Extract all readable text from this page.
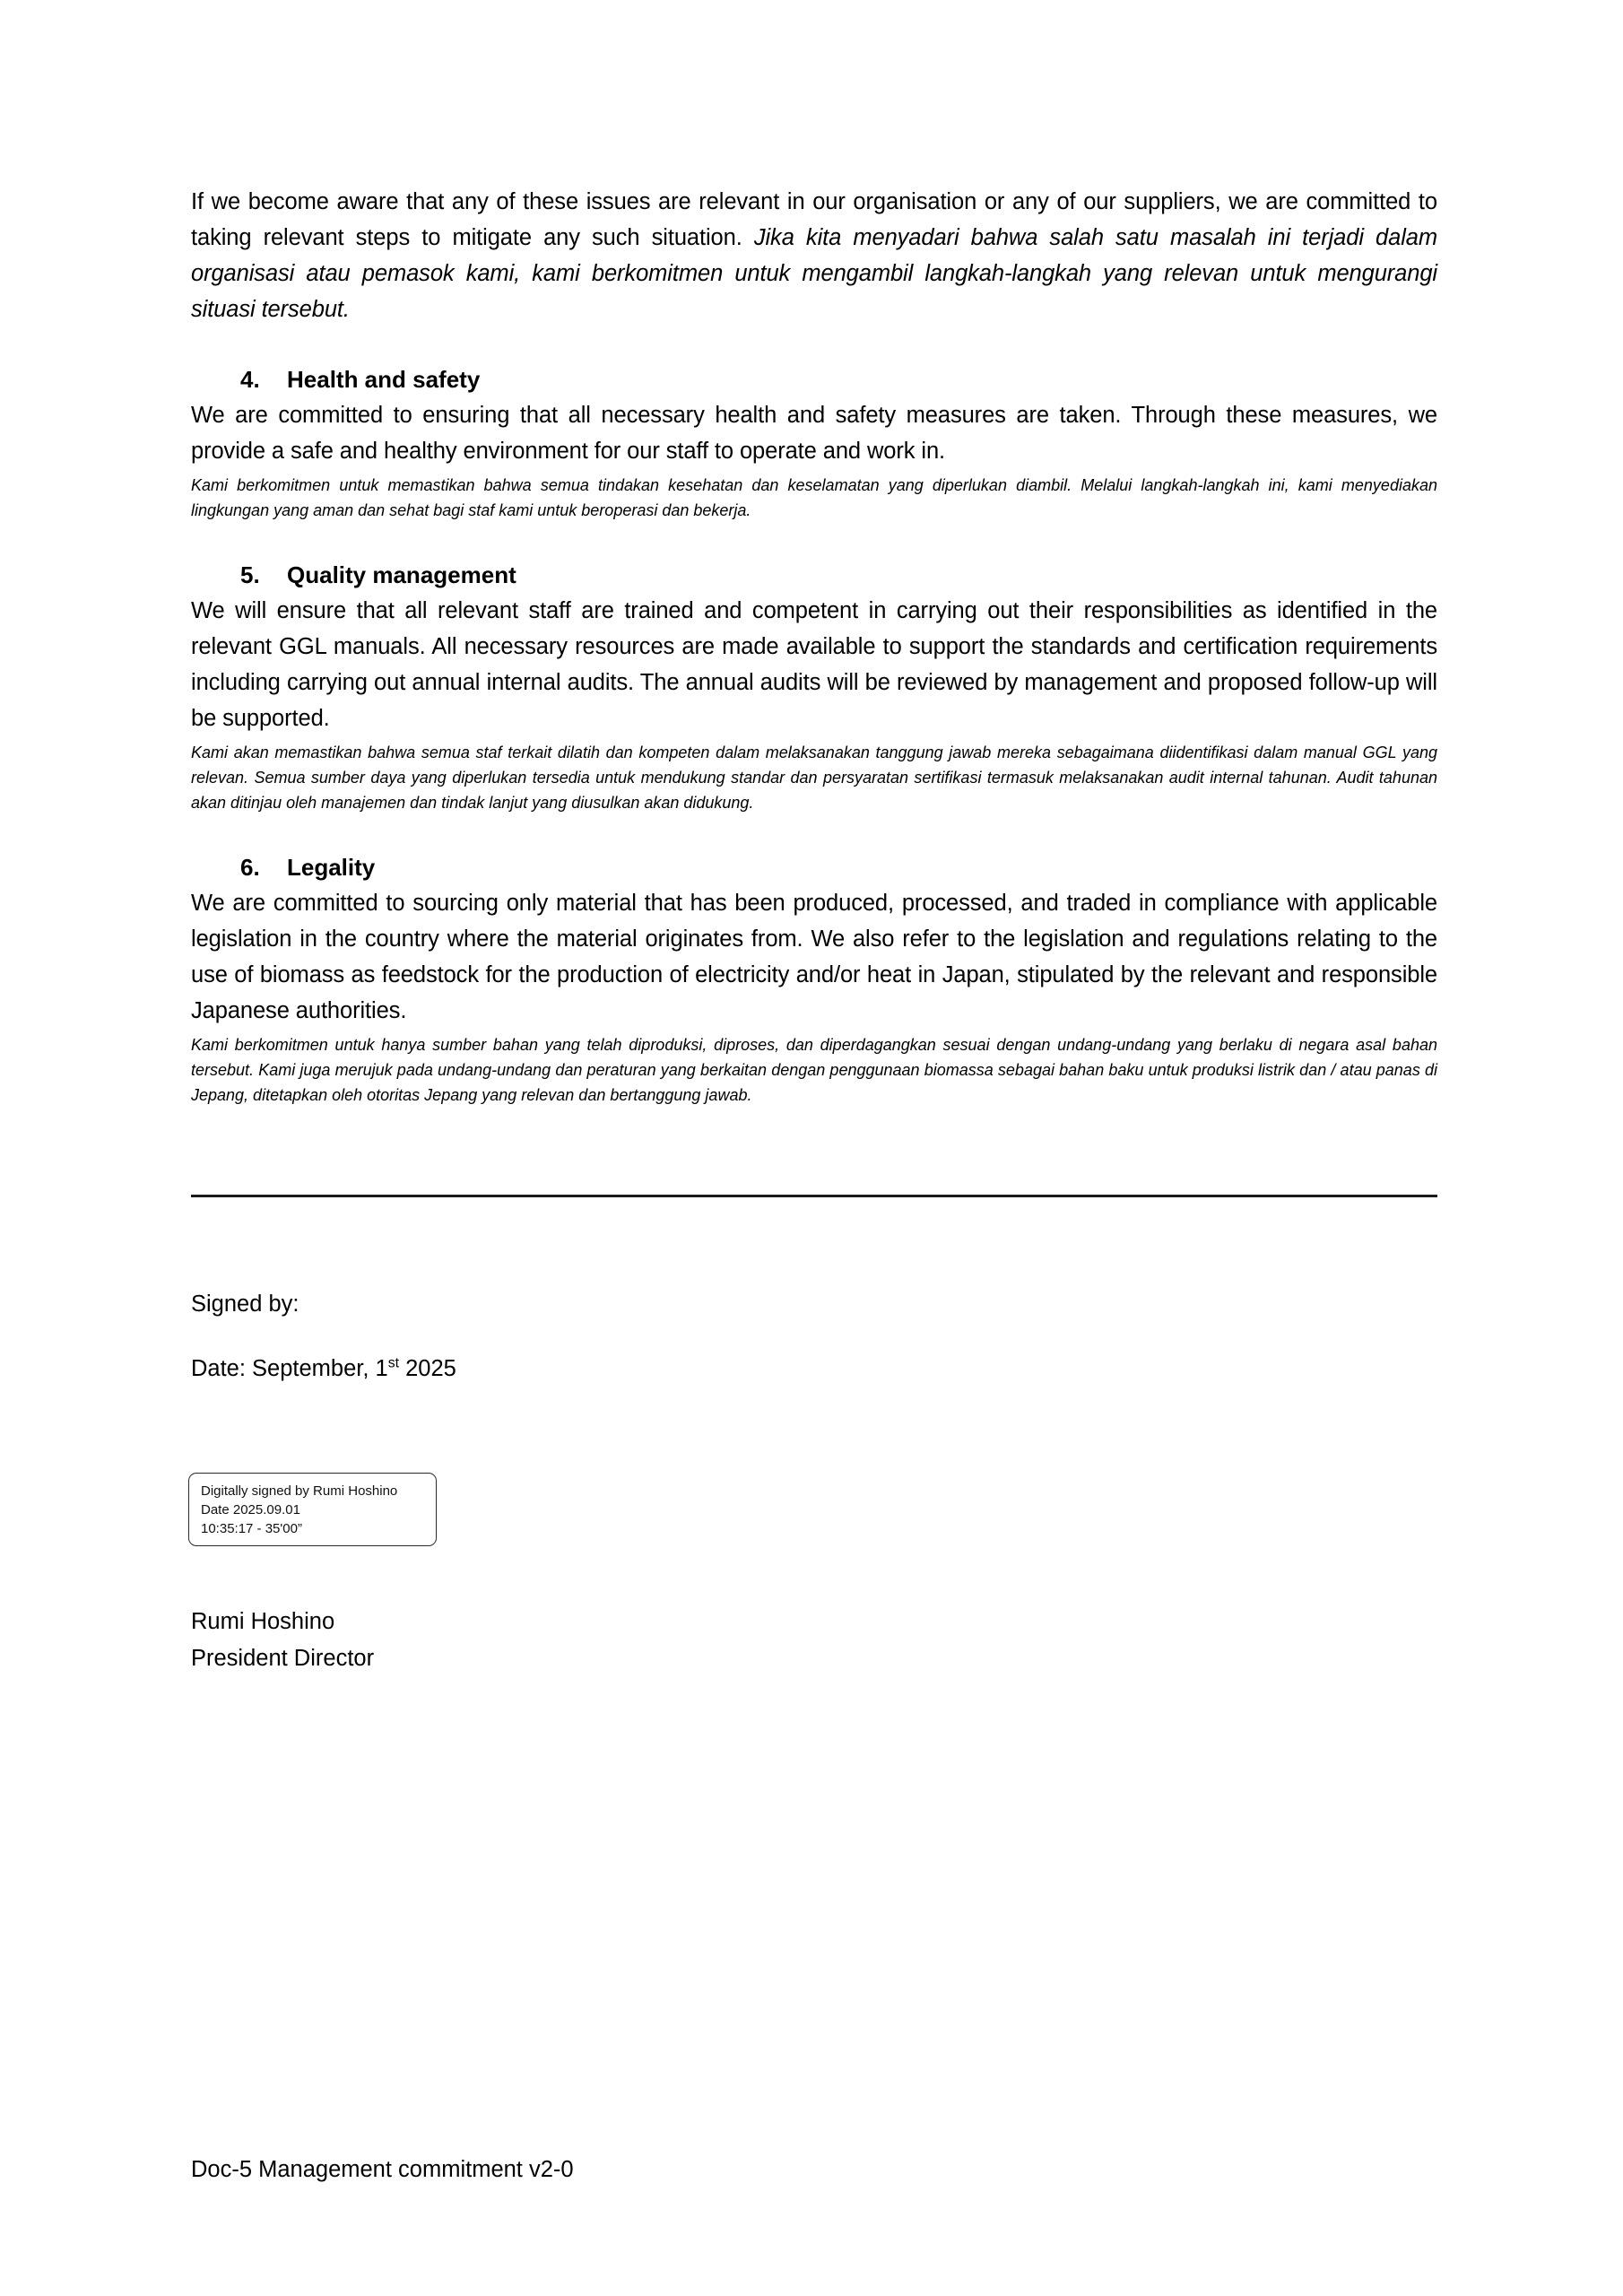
If we become aware that any of these issues are relevant in our organisation or any of our suppliers, we are committed to taking relevant steps to mitigate any such situation. Jika kita menyadari bahwa salah satu masalah ini terjadi dalam organisasi atau pemasok kami, kami berkomitmen untuk mengambil langkah-langkah yang relevan untuk mengurangi situasi tersebut.

4.	Health and safety

We are committed to ensuring that all necessary health and safety measures are taken. Through these measures, we provide a safe and healthy environment for our staff to operate and work in.

Kami berkomitmen untuk memastikan bahwa semua tindakan kesehatan dan keselamatan yang diperlukan diambil. Melalui langkah-langkah ini, kami menyediakan lingkungan yang aman dan sehat bagi staf kami untuk beroperasi dan bekerja.

5.	Quality management

We will ensure that all relevant staff are trained and competent in carrying out their responsibilities as identified in the relevant GGL manuals. All necessary resources are made available to support the standards and certification requirements including carrying out annual internal audits. The annual audits will be reviewed by management and proposed follow-up will be supported.

Kami akan memastikan bahwa semua staf terkait dilatih dan kompeten dalam melaksanakan tanggung jawab mereka sebagaimana diidentifikasi dalam manual GGL yang relevan. Semua sumber daya yang diperlukan tersedia untuk mendukung standar dan persyaratan sertifikasi termasuk melaksanakan audit internal tahunan. Audit tahunan akan ditinjau oleh manajemen dan tindak lanjut yang diusulkan akan didukung.

6.	Legality

We are committed to sourcing only material that has been produced, processed, and traded in compliance with applicable legislation in the country where the material originates from. We also refer to the legislation and regulations relating to the use of biomass as feedstock for the production of electricity and/or heat in Japan, stipulated by the relevant and responsible Japanese authorities.

Kami berkomitmen untuk hanya sumber bahan yang telah diproduksi, diproses, dan diperdagangkan sesuai dengan undang-undang yang berlaku di negara asal bahan tersebut. Kami juga merujuk pada undang-undang dan peraturan yang berkaitan dengan penggunaan biomassa sebagai bahan baku untuk produksi listrik dan / atau panas di Jepang, ditetapkan oleh otoritas Jepang yang relevan dan bertanggung jawab.

Signed by:
Date: September, 1st 2025
Digitally signed by Rumi Hoshino
Date 2025.09.01
10:35:17 - 35'00”
Rumi Hoshino
President Director
Doc-5 Management commitment v2-0
